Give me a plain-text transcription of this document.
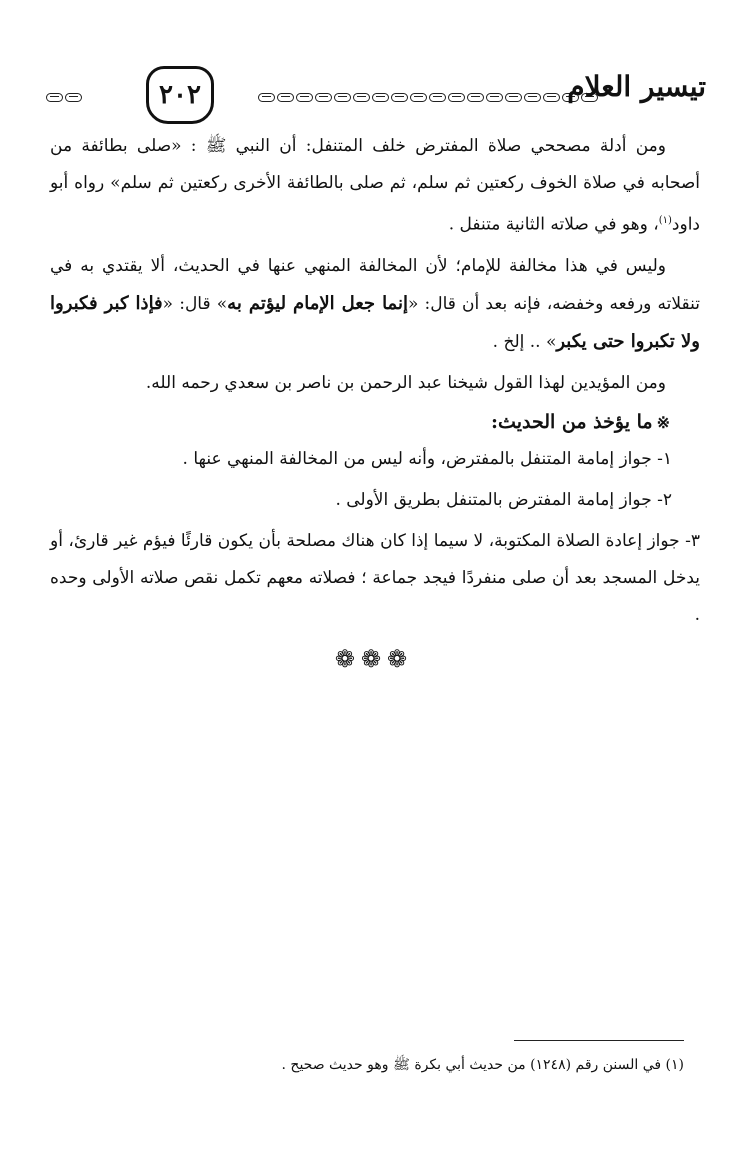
٢٠٢	تيسير العلام

ومن أدلة مصححي صلاة المفترض خلف المتنفل: أن النبي ﷺ : «صلى بطائفة من أصحابه في صلاة الخوف ركعتين ثم سلم، ثم صلى بالطائفة الأخرى ركعتين ثم سلم» رواه أبو داود$^{(١)}$، وهو في صلاته الثانية متنفل .

وليس في هذا مخالفة للإمام؛ لأن المخالفة المنهي عنها في الحديث، ألا يقتدي به في تنقلاته ورفعه وخفضه، فإنه بعد أن قال: «إنما جعل الإمام ليؤتم به» قال: «فإذا كبر فكبروا ولا تكبروا حتى يكبر» .. إلخ .

ومن المؤيدين لهذا القول شيخنا عبد الرحمن بن ناصر بن سعدي رحمه الله.

※ما يؤخذ من الحديث:

١- جواز إمامة المتنفل بالمفترض، وأنه ليس من المخالفة المنهي عنها .

٢- جواز إمامة المفترض بالمتنفل بطريق الأولى .

٣- جواز إعادة الصلاة المكتوبة، لا سيما إذا كان هناك مصلحة بأن يكون قارئًا فيؤم غير قارئ، أو يدخل المسجد بعد أن صلى منفردًا فيجد جماعة ؛ فصلاته معهم تكمل نقص صلاته الأولى وحده .

❁ ❁ ❁
(١) في السنن رقم (١٢٤٨) من حديث أبي بكرة ﷺ وهو حديث صحيح .
